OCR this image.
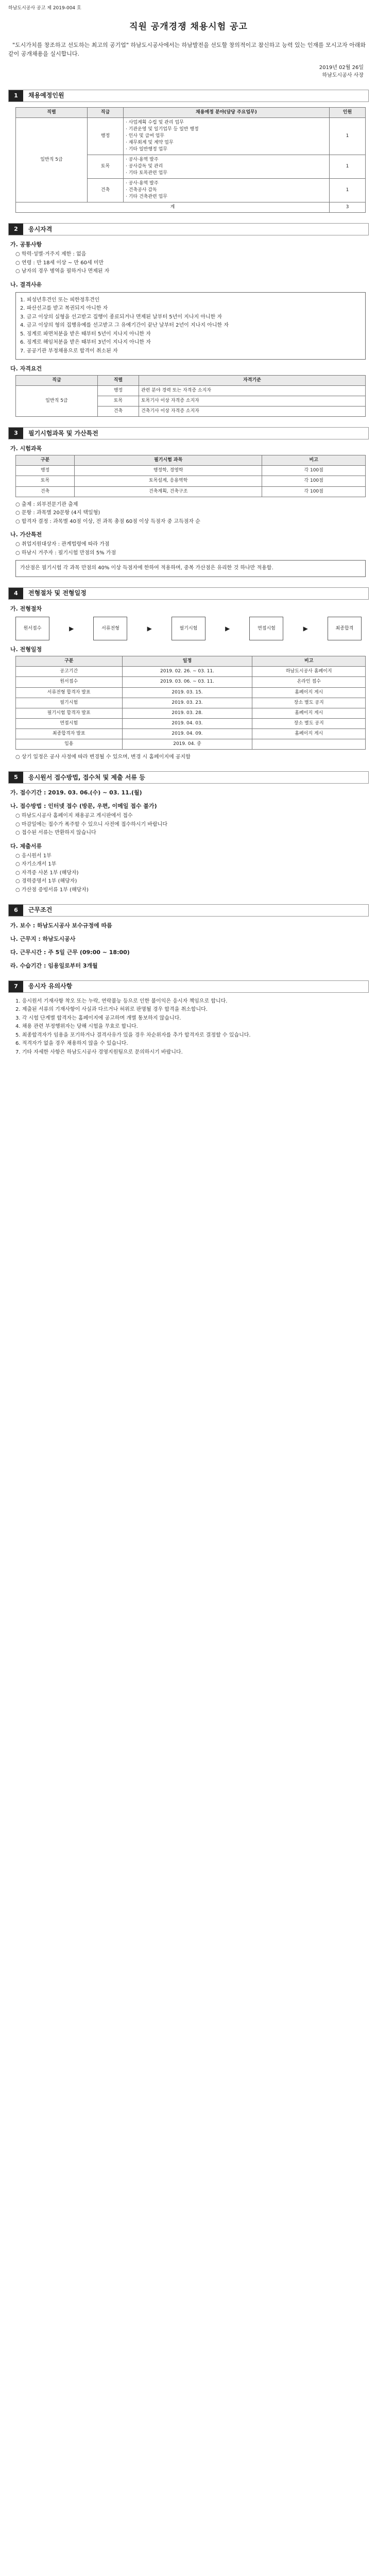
하남도시공사 공고 제 2019-004 호
직원 공개경쟁 채용시험 공고
"도시가치를 창조하고 선도하는 최고의 공기업" 하남도시공사에서는 하남발전을 선도할 창의적이고 참신하고 능력 있는 인재를 모시고자 아래와 같이 공개채용을 실시합니다.
2019년 02월 26일
하남도시공사 사장
1	채용예정인원
직렬	직급	채용예정 분야(담당 주요업무)	인원
일반직 5급	행정	· 사업계획 수립 및 관리 업무
· 기관운영 및 일기업무 등 일반 행정
· 인사 및 급여 업무
· 재무회계 및 계약 업무
· 기타 일반행정 업무	1
	토목	· 공사·용역 발주
· 공사감독 및 관리
· 기타 토목관련 업무	1
	건축	· 공사·용역 발주
· 건축공사 감독
· 기타 건축관련 업무	1
계			3
2	응시자격
가. 공통사항
○ 학력·성별·거주지 제한 : 없음
○ 연령 : 만 18세 이상 ~ 만 60세 미만
○ 남자의 경우 병역을 필하거나 면제된 자
나. 결격사유
1. 피성년후견인 또는 피한정후견인
2. 파산선고를 받고 복권되지 아니한 자
3. 금고 이상의 실형을 선고받고 집행이 종료되거나 면제된 날부터 5년이 지나지 아니한 자
4. 금고 이상의 형의 집행유예를 선고받고 그 유예기간이 끝난 날부터 2년이 지나지 아니한 자
5. 징계로 파면처분을 받은 때부터 5년이 지나지 아니한 자
6. 징계로 해임처분을 받은 때부터 3년이 지나지 아니한 자
7. 공공기관 부정채용으로 합격이 취소된 자
다. 자격요건
직급	직렬	자격기준
일반직 5급	행정	관련 분야 경력 또는 자격증 소지자
	토목	토목기사 이상 자격증 소지자
	건축	건축기사 이상 자격증 소지자
3	필기시험과목 및 가산특전
가. 시험과목
구분	필기시험 과목	비고
행정	행정학, 경영학	각 100점
토목	토목설계, 응용역학	각 100점
건축	건축계획, 건축구조	각 100점
○ 출제 : 외부전문기관 출제
○ 문항 : 과목별 20문항 (4지 택일형)
○ 합격자 결정 : 과목별 40점 이상, 전 과목 총점 60점 이상 득점자 중 고득점자 순
나. 가산특전
○ 취업지원대상자 : 관계법령에 따라 가점
○ 하남시 거주자 : 필기시험 만점의 5% 가점
가산점은 필기시험 각 과목 만점의 40% 이상 득점자에 한하여 적용하며, 중복 가산점은 유리한 것 하나만 적용함.
4	전형절차 및 전형일정
가. 전형절차
원서접수	▶	서류전형	▶	필기시험	▶	면접시험	▶	최종합격
나. 전형일정
구분	일정	비고
공고기간	2019. 02. 26. ~ 03. 11.	하남도시공사 홈페이지
원서접수	2019. 03. 06. ~ 03. 11.	온라인 접수
서류전형 합격자 발표	2019. 03. 15.	홈페이지 게시
필기시험	2019. 03. 23.	장소 별도 공지
필기시험 합격자 발표	2019. 03. 28.	홈페이지 게시
면접시험	2019. 04. 03.	장소 별도 공지
최종합격자 발표	2019. 04. 09.	홈페이지 게시
임용	2019. 04. 중	
○ 상기 일정은 공사 사정에 따라 변경될 수 있으며, 변경 시 홈페이지에 공지함
5	응시원서 접수방법, 접수처 및 제출 서류 등
가. 접수기간 : 2019. 03. 06.(수) ~ 03. 11.(월)
나. 접수방법 : 인터넷 접수 (방문, 우편, 이메일 접수 불가)
○ 하남도시공사 홈페이지 채용공고 게시판에서 접수
○ 마감일에는 접수가 폭주할 수 있으니 사전에 접수하시기 바랍니다
○ 접수된 서류는 반환하지 않습니다
다. 제출서류
○ 응시원서 1부
○ 자기소개서 1부
○ 자격증 사본 1부 (해당자)
○ 경력증명서 1부 (해당자)
○ 가산점 증빙서류 1부 (해당자)
6	근무조건
가. 보수 : 하남도시공사 보수규정에 따름
나. 근무지 : 하남도시공사
다. 근무시간 : 주 5일 근무 (09:00 ~ 18:00)
라. 수습기간 : 임용일로부터 3개월
7	응시자 유의사항
1. 응시원서 기재사항 착오 또는 누락, 연락불능 등으로 인한 불이익은 응시자 책임으로 합니다.
2. 제출된 서류의 기재사항이 사실과 다르거나 허위로 판명될 경우 합격을 취소합니다.
3. 각 시험 단계별 합격자는 홈페이지에 공고하며 개별 통보하지 않습니다.
4. 채용 관련 부정행위자는 당해 시험을 무효로 합니다.
5. 최종합격자가 임용을 포기하거나 결격사유가 있을 경우 차순위자를 추가 합격자로 결정할 수 있습니다.
6. 적격자가 없을 경우 채용하지 않을 수 있습니다.
7. 기타 자세한 사항은 하남도시공사 경영지원팀으로 문의하시기 바랍니다.
